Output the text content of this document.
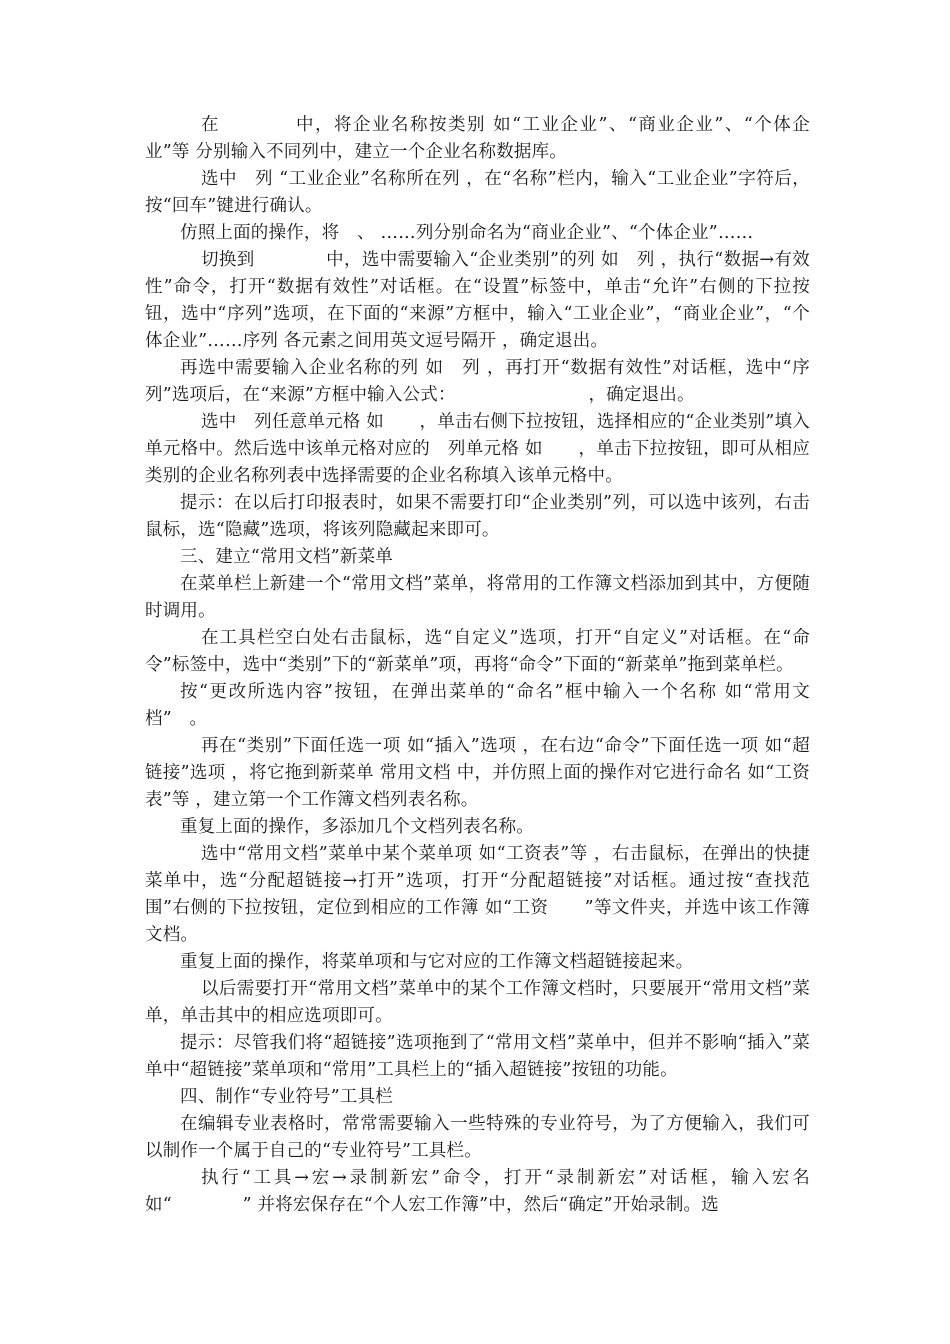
在　　　　中，将企业名称按类别 如“工业企业”、“商业企业”、“个体企业”等 分别输入不同列中，建立一个企业名称数据库。

选中　列 “工业企业”名称所在列 ，在“名称”栏内，输入“工业企业”字符后，按“回车”键进行确认。

仿照上面的操作，将　、 ……列分别命名为“商业企业”、“个体企业”……

切换到　　　　中，选中需要输入“企业类别”的列 如　列 ，执行“数据→有效性”命令，打开“数据有效性”对话框。在“设置”标签中，单击“允许”右侧的下拉按钮，选中“序列”选项，在下面的“来源”方框中，输入“工业企业”，“商业企业”，“个体企业”……序列 各元素之间用英文逗号隔开 ，确定退出。

再选中需要输入企业名称的列 如　列 ，再打开“数据有效性”对话框，选中“序列”选项后，在“来源”方框中输入公式：　　　　　　　　，确定退出。

选中　列任意单元格 如　　，单击右侧下拉按钮，选择相应的“企业类别”填入单元格中。然后选中该单元格对应的　列单元格 如　　，单击下拉按钮，即可从相应类别的企业名称列表中选择需要的企业名称填入该单元格中。

提示：在以后打印报表时，如果不需要打印“企业类别”列，可以选中该列，右击鼠标，选“隐藏”选项，将该列隐藏起来即可。

三、建立“常用文档”新菜单

在菜单栏上新建一个“常用文档”菜单，将常用的工作簿文档添加到其中，方便随时调用。

在工具栏空白处右击鼠标，选“自定义”选项，打开“自定义”对话框。在“命令”标签中，选中“类别”下的“新菜单”项，再将“命令”下面的“新菜单”拖到菜单栏。

按“更改所选内容”按钮，在弹出菜单的“命名”框中输入一个名称 如“常用文档”　。

再在“类别”下面任选一项 如“插入”选项 ，在右边“命令”下面任选一项 如“超链接”选项 ，将它拖到新菜单 常用文档 中，并仿照上面的操作对它进行命名 如“工资表”等 ，建立第一个工作簿文档列表名称。

重复上面的操作，多添加几个文档列表名称。

选中“常用文档”菜单中某个菜单项 如“工资表”等 ，右击鼠标，在弹出的快捷菜单中，选“分配超链接→打开”选项，打开“分配超链接”对话框。通过按“查找范围”右侧的下拉按钮，定位到相应的工作簿 如“工资　　”等文件夹，并选中该工作簿文档。

重复上面的操作，将菜单项和与它对应的工作簿文档超链接起来。

以后需要打开“常用文档”菜单中的某个工作簿文档时，只要展开“常用文档”菜单，单击其中的相应选项即可。

提示：尽管我们将“超链接”选项拖到了“常用文档”菜单中，但并不影响“插入”菜单中“超链接”菜单项和“常用”工具栏上的“插入超链接”按钮的功能。

四、制作“专业符号”工具栏

在编辑专业表格时，常常需要输入一些特殊的专业符号，为了方便输入，我们可以制作一个属于自己的“专业符号”工具栏。

执行“工具→宏→录制新宏”命令，打开“录制新宏”对话框，输入宏名如“　　　　” 并将宏保存在“个人宏工作簿”中，然后“确定”开始录制。选
